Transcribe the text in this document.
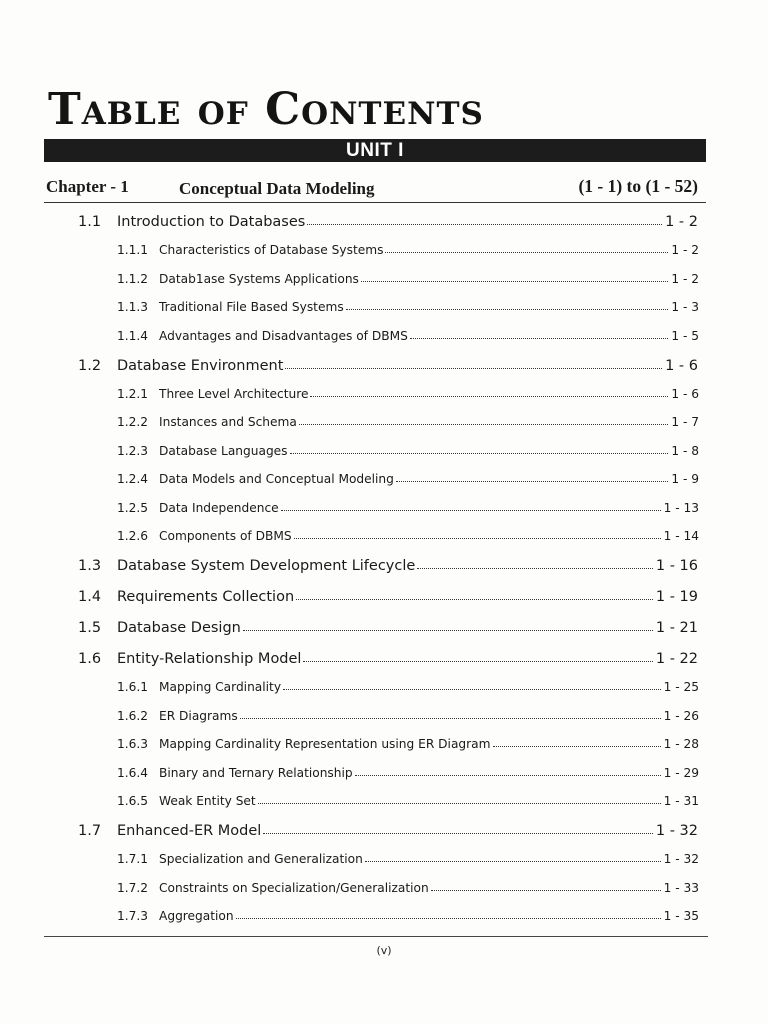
Table of Contents
UNIT I
Chapter - 1	Conceptual Data Modeling	(1 - 1) to (1 - 52)
1.1	Introduction to Databases	1 - 2
1.1.1 Characteristics of Database Systems	1 - 2
1.1.2 Datab1ase Systems Applications	1 - 2
1.1.3 Traditional File Based Systems	1 - 3
1.1.4 Advantages and Disadvantages of DBMS	1 - 5
1.2	Database Environment	1 - 6
1.2.1 Three Level Architecture	1 - 6
1.2.2 Instances and Schema	1 - 7
1.2.3 Database Languages	1 - 8
1.2.4 Data Models and Conceptual Modeling	1 - 9
1.2.5 Data Independence	1 - 13
1.2.6 Components of DBMS	1 - 14
1.3	Database System Development Lifecycle	1 - 16
1.4	Requirements Collection	1 - 19
1.5	Database Design	1 - 21
1.6	Entity-Relationship Model	1 - 22
1.6.1 Mapping Cardinality	1 - 25
1.6.2 ER Diagrams	1 - 26
1.6.3 Mapping Cardinality Representation using ER Diagram	1 - 28
1.6.4 Binary and Ternary Relationship	1 - 29
1.6.5 Weak Entity Set	1 - 31
1.7	Enhanced-ER Model	1 - 32
1.7.1 Specialization and Generalization	1 - 32
1.7.2 Constraints on Specialization/Generalization	1 - 33
1.7.3 Aggregation	1 - 35
(v)
